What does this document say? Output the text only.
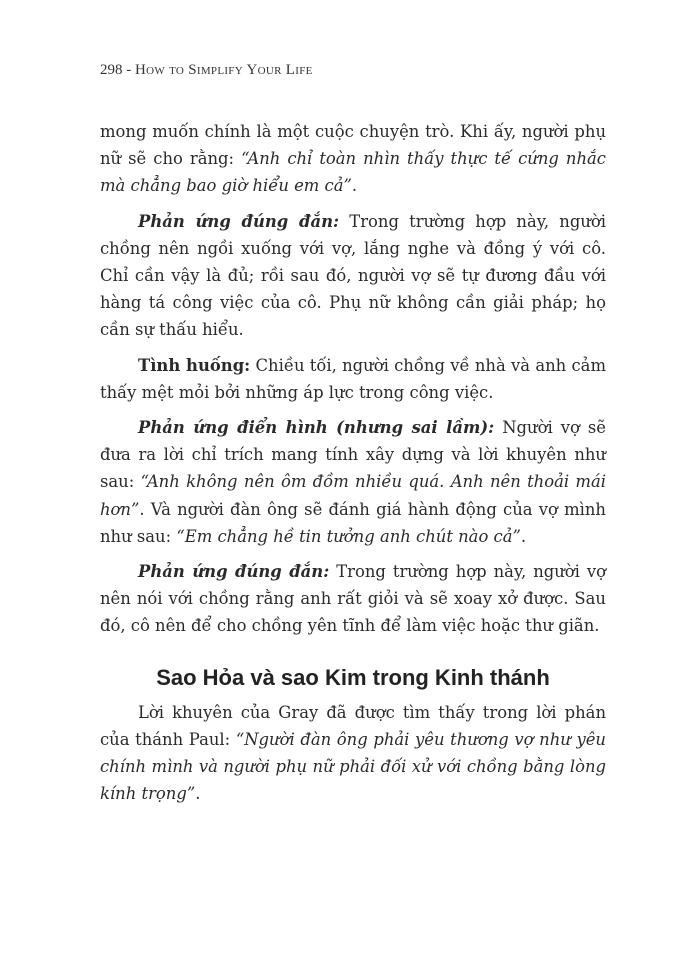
298 - How to Simplify Your Life

mong muốn chính là một cuộc chuyện trò. Khi ấy, người phụ nữ sẽ cho rằng: “Anh chỉ toàn nhìn thấy thực tế cứng nhắc mà chẳng bao giờ hiểu em cả”.

Phản ứng đúng đắn: Trong trường hợp này, người chồng nên ngồi xuống với vợ, lắng nghe và đồng ý với cô. Chỉ cần vậy là đủ; rồi sau đó, người vợ sẽ tự đương đầu với hàng tá công việc của cô. Phụ nữ không cần giải pháp; họ cần sự thấu hiểu.

Tình huống: Chiều tối, người chồng về nhà và anh cảm thấy mệt mỏi bởi những áp lực trong công việc.

Phản ứng điển hình (nhưng sai lầm): Người vợ sẽ đưa ra lời chỉ trích mang tính xây dựng và lời khuyên như sau: “Anh không nên ôm đồm nhiều quá. Anh nên thoải mái hơn”. Và người đàn ông sẽ đánh giá hành động của vợ mình như sau: “Em chẳng hề tin tưởng anh chút nào cả”.

Phản ứng đúng đắn: Trong trường hợp này, người vợ nên nói với chồng rằng anh rất giỏi và sẽ xoay xở được. Sau đó, cô nên để cho chồng yên tĩnh để làm việc hoặc thư giãn.

Sao Hỏa và sao Kim trong Kinh thánh

Lời khuyên của Gray đã được tìm thấy trong lời phán của thánh Paul: “Người đàn ông phải yêu thương vợ như yêu chính mình và người phụ nữ phải đối xử với chồng bằng lòng kính trọng”.
